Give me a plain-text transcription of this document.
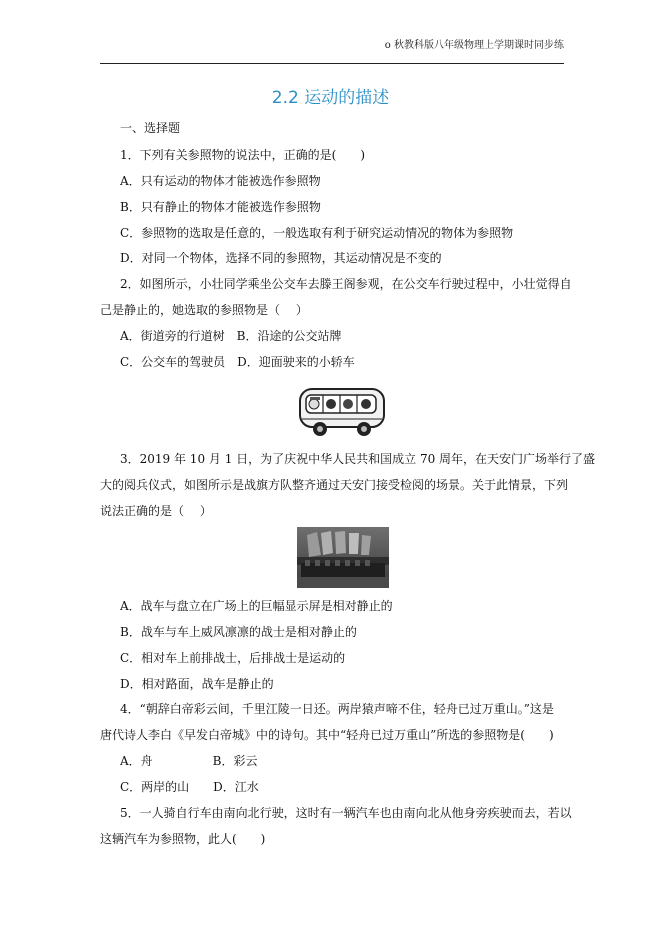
o 秋教科版八年级物理上学期课时同步练
2.2 运动的描述
一、选择题
1．下列有关参照物的说法中，正确的是(　　)
A．只有运动的物体才能被选作参照物
B．只有静止的物体才能被选作参照物
C．参照物的选取是任意的，一般选取有利于研究运动情况的物体为参照物
D．对同一个物体，选择不同的参照物，其运动情况是不变的
2．如图所示，小壮同学乘坐公交车去滕王阁参观，在公交车行驶过程中，小壮觉得自
己是静止的，她选取的参照物是（　 ）
A．街道旁的行道树　B．沿途的公交站牌
C．公交车的驾驶员　D．迎面驶来的小轿车
3．2019 年 10 月 1 日，为了庆祝中华人民共和国成立 70 周年，在天安门广场举行了盛
大的阅兵仪式，如图所示是战旗方队整齐通过天安门接受检阅的场景。关于此情景，下列
说法正确的是（　 ）
A．战车与盘立在广场上的巨幅显示屏是相对静止的
B．战车与车上威风凛凛的战士是相对静止的
C．相对车上前排战士，后排战士是运动的
D．相对路面，战车是静止的
4．“朝辞白帝彩云间，千里江陵一日还。两岸猿声啼不住，轻舟已过万重山。”这是
唐代诗人李白《早发白帝城》中的诗句。其中“轻舟已过万重山”所选的参照物是(　　)
A．舟　　　　　B．彩云
C．两岸的山　　D．江水
5．一人骑自行车由南向北行驶，这时有一辆汽车也由南向北从他身旁疾驶而去，若以
这辆汽车为参照物，此人(　　)
